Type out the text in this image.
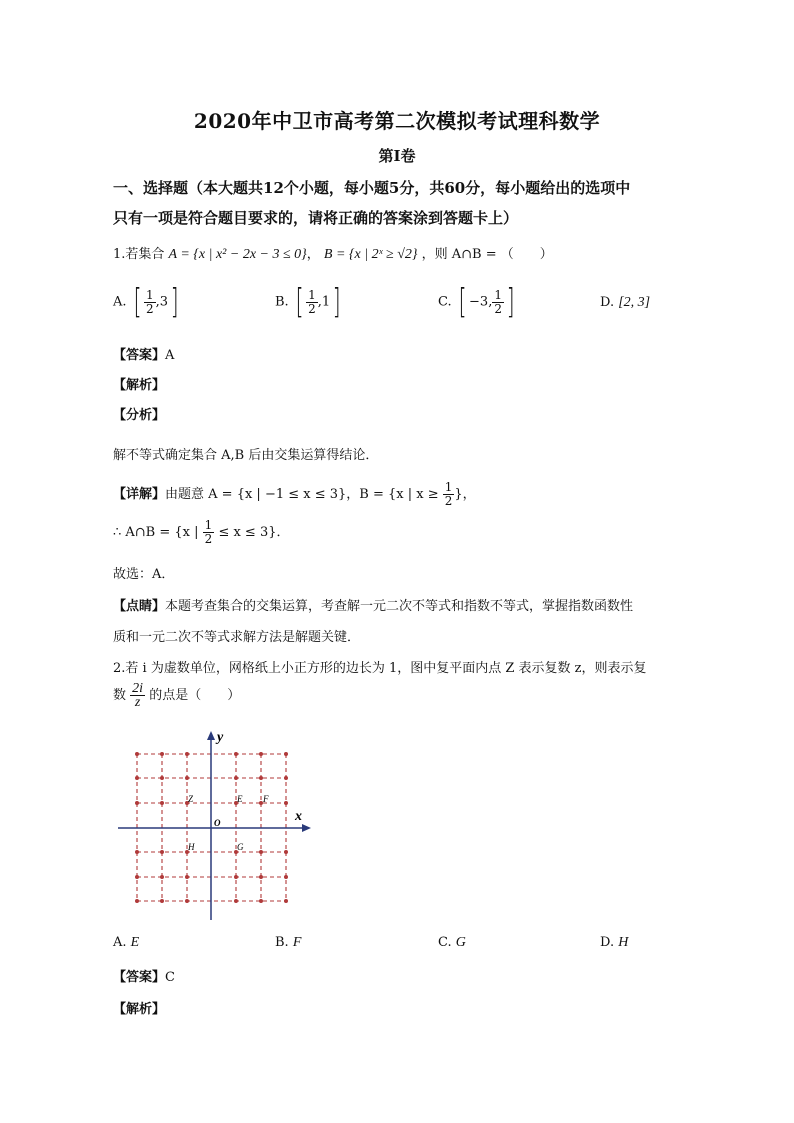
2020年中卫市高考第二次模拟考试理科数学
第Ⅰ卷
一、选择题（本大题共12个小题，每小题5分，共60分，每小题给出的选项中
只有一项是符合题目要求的，请将正确的答案涂到答题卡上）
1.若集合 A = {x | x² − 2x − 3 ≤ 0}， B = {x | 2ˣ ≥ √2} ，则 A∩B = （　　）
A. [ $\frac{1}{2} ,3$]	B. [ $\frac{1}{2} ,1$]	C. [ −3, $\frac{1}{2}$ ]	D. [2, 3]
【答案】A
【解析】
【分析】
解不等式确定集合 A,B 后由交集运算得结论．
【详解】由题意 A = {x | −1 ≤ x ≤ 3}，B = {x | $x \ge \frac{1}{2}$ }，
∴ A∩B = {x | $\frac{1}{2} \le x \le 3$}．
故选：A．
【点睛】本题考查集合的交集运算，考查解一元二次不等式和指数不等式，掌握指数函数性
质和一元二次不等式求解方法是解题关键．
2.若 i 为虚数单位，网格纸上小正方形的边长为 1，图中复平面内点 Z 表示复数 z，则表示复
数 $\frac{2i}{z}$ 的点是（　　）
x
y
O
Z	E F
H	G
A. E	B. F	C. G	D. H
【答案】C
【解析】
